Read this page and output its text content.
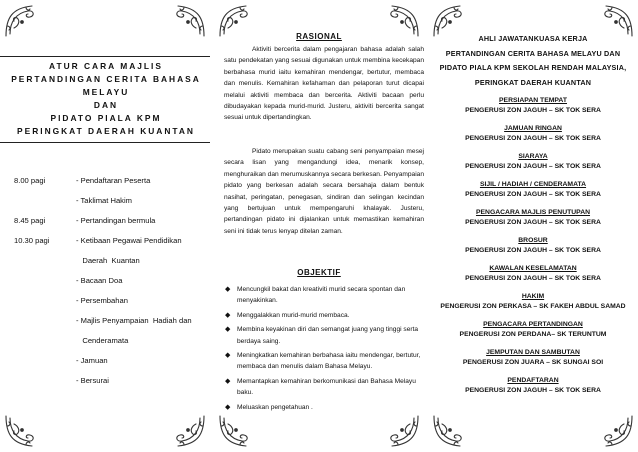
ATUR CARA MAJLIS
PERTANDINGAN CERITA BAHASA
MELAYU
DAN
PIDATO PIALA KPM
PERINGKAT DAERAH KUANTAN
8.00 pagi	- Pendaftaran Peserta
- Taklimat Hakim
8.45 pagi	- Pertandingan bermula
10.30 pagi	- Ketibaan Pegawai Pendidikan
Daerah  Kuantan
- Bacaan Doa
- Persembahan
- Majlis Penyampaian  Hadiah dan
Cenderamata
- Jamuan
- Bersurai
RASIONAL
Aktiviti bercerita dalam pengajaran bahasa adalah salah satu pendekatan yang sesuai digunakan untuk membina kecekapan berbahasa murid iaitu kemahiran mendengar, bertutur, membaca dan menulis. Kemahiran kefahaman dan pelaporan turut dicapai melalui aktiviti membaca dan bercerita. Aktiviti bacaan perlu dibudayakan kepada murid-murid. Justeru, aktiviti bercerita sangat sesuai untuk dipertandingkan.
Pidato merupakan suatu cabang seni penyampaian mesej secara lisan yang mengandungi idea, menarik konsep, menghuraikan dan merumuskannya secara berkesan. Penyampaian pidato yang berkesan adalah secara bersahaja dalam bentuk nasihat, peringatan, penegasan, sindiran dan selingan kecindan yang bertujuan untuk mempengaruhi khalayak. Justeru, pertandingan pidato ini dijalankan untuk memastikan kemahiran seni ini tidak terus lenyap ditelan zaman.
OBJEKTIF
◆ Mencungkil bakat dan kreativiti murid secara spontan dan menyakinkan.
◆ Menggalakkan murid-murid membaca.
◆ Membina keyakinan diri dan semangat juang yang tinggi serta berdaya saing.
◆ Meningkatkan kemahiran berbahasa iaitu mendengar, bertutur, membaca dan menulis dalam Bahasa Melayu.
◆ Memantapkan kemahiran berkomunikasi dan Bahasa Melayu baku.
◆ Meluaskan pengetahuan .
AHLI JAWATANKUASA KERJA
PERTANDINGAN CERITA BAHASA MELAYU DAN
PIDATO PIALA KPM SEKOLAH RENDAH MALAYSIA,
PERINGKAT DAERAH KUANTAN
PERSIAPAN TEMPAT
PENGERUSI ZON JAGUH – SK TOK SERA
JAMUAN RINGAN
PENGERUSI ZON JAGUH – SK TOK SERA
SIARAYA
PENGERUSI ZON JAGUH – SK TOK SERA
SIJIL / HADIAH / CENDERAMATA
PENGERUSI ZON JAGUH – SK TOK SERA
PENGACARA MAJLIS PENUTUPAN
PENGERUSI ZON JAGUH – SK TOK SERA
BROSUR
PENGERUSI ZON JAGUH – SK TOK SERA
KAWALAN KESELAMATAN
PENGERUSI ZON JAGUH – SK TOK SERA
HAKIM
PENGERUSI ZON PERKASA – SK FAKEH ABDUL SAMAD
PENGACARA PERTANDINGAN
PENGERUSI ZON PERDANA– SK TERUNTUM
JEMPUTAN DAN SAMBUTAN
PENGERUSI ZON JUARA – SK SUNGAI SOI
PENDAFTARAN
PENGERUSI ZON JAGUH – SK TOK SERA
